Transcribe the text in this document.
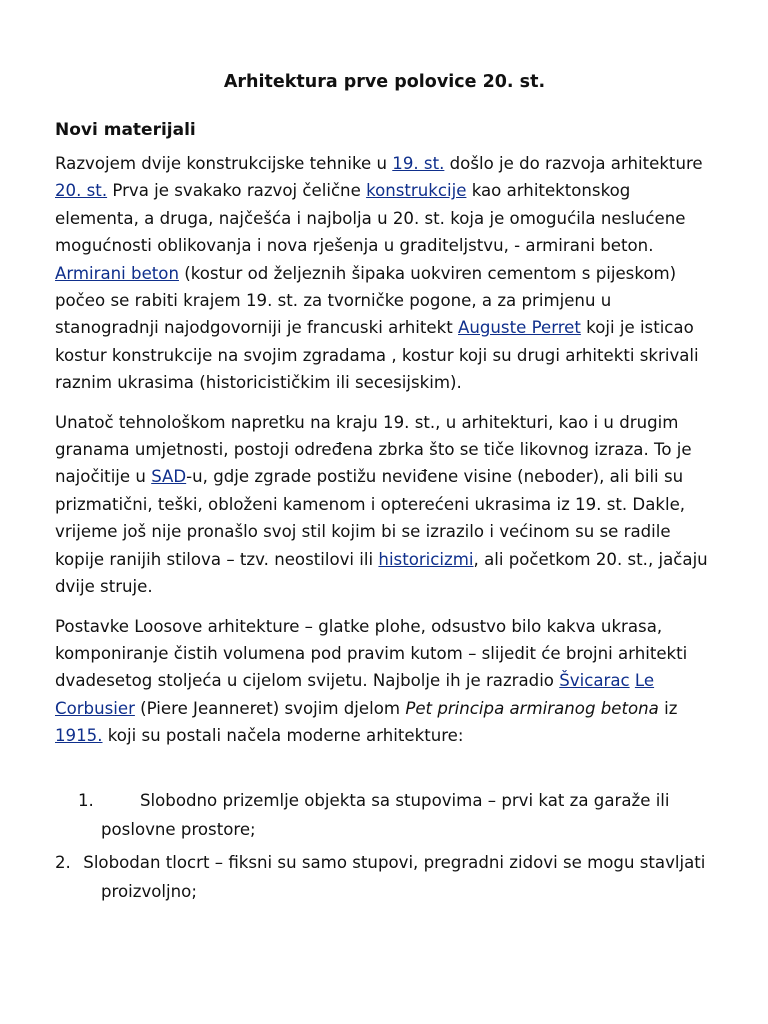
Arhitektura prve polovice 20. st.
Novi materijali

Razvojem dvije konstrukcijske tehnike u 19. st. došlo je do razvoja arhitekture 20. st. Prva je svakako razvoj čelične konstrukcije kao arhitektonskog elementa, a druga, najčešća i najbolja u 20. st. koja je omogućila neslućene mogućnosti oblikovanja i nova rješenja u graditeljstvu, - armirani beton. Armirani beton (kostur od željeznih šipaka uokviren cementom s pijeskom) počeo se rabiti krajem 19. st. za tvorničke pogone, a za primjenu u stanogradnji najodgovorniji je francuski arhitekt Auguste Perret koji je isticao kostur konstrukcije na svojim zgradama , kostur koji su drugi arhitekti skrivali raznim ukrasima (historicističkim ili secesijskim).

Unatoč tehnološkom napretku na kraju 19. st., u arhitekturi, kao i u drugim granama umjetnosti, postoji određena zbrka što se tiče likovnog izraza. To je najočitije u SAD-u, gdje zgrade postižu neviđene visine (neboder), ali bili su prizmatični, teški, obloženi kamenom i opterećeni ukrasima iz 19. st. Dakle, vrijeme još nije pronašlo svoj stil kojim bi se izrazilo i većinom su se radile kopije ranijih stilova – tzv. neostilovi ili historicizmi, ali početkom 20. st., jačaju dvije struje.

Postavke Loosove arhitekture – glatke plohe, odsustvo bilo kakva ukrasa, komponiranje čistih volumena pod pravim kutom – slijedit će brojni arhitekti dvadesetog stoljeća u cijelom svijetu. Najbolje ih je razradio Švicarac Le Corbusier (Piere Jeanneret) svojim djelom Pet principa armiranog betona iz 1915. koji su postali načela moderne arhitekture:

1.	Slobodno prizemlje objekta sa stupovima – prvi kat za garaže ili poslovne prostore;
2. Slobodan tlocrt – fiksni su samo stupovi, pregradni zidovi se mogu stavljati proizvoljno;
